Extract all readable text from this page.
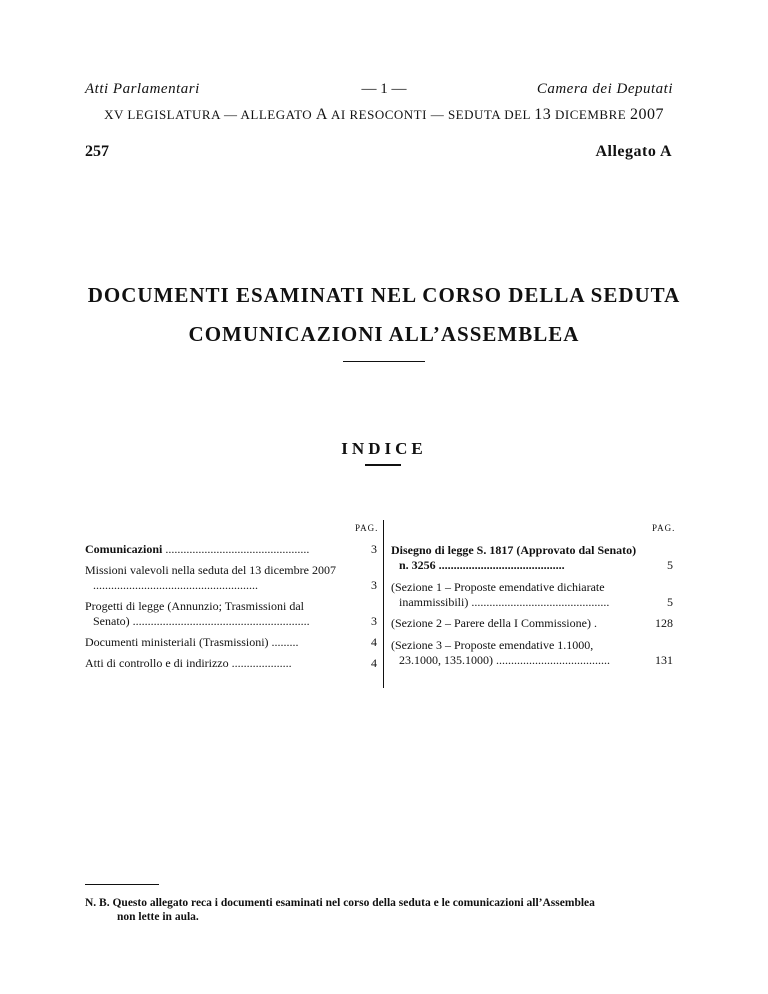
Atti Parlamentari	— 1 —	Camera dei Deputati
XV LEGISLATURA — ALLEGATO A AI RESOCONTI — SEDUTA DEL 13 DICEMBRE 2007
257	Allegato A
DOCUMENTI ESAMINATI NEL CORSO DELLA SEDUTA
COMUNICAZIONI ALL’ASSEMBLEA
INDICE
PAG.	PAG.
Comunicazioni ................................................	3
Missioni valevoli nella seduta del 13 dicembre 2007 .......................................................	3
Progetti di legge (Annunzio; Trasmissioni dal Senato) ...........................................................	3
Documenti ministeriali (Trasmissioni) .........	4
Atti di controllo e di indirizzo ....................	4
Disegno di legge S. 1817 (Approvato dal Senato) n. 3256 ..........................................	5
(Sezione 1 – Proposte emendative dichiarate inammissibili) ..............................................	5
(Sezione 2 – Parere della I Commissione) .	128
(Sezione 3 – Proposte emendative 1.1000, 23.1000, 135.1000) ......................................	131
N. B. Questo allegato reca i documenti esaminati nel corso della seduta e le comunicazioni all’Assemblea
non lette in aula.
